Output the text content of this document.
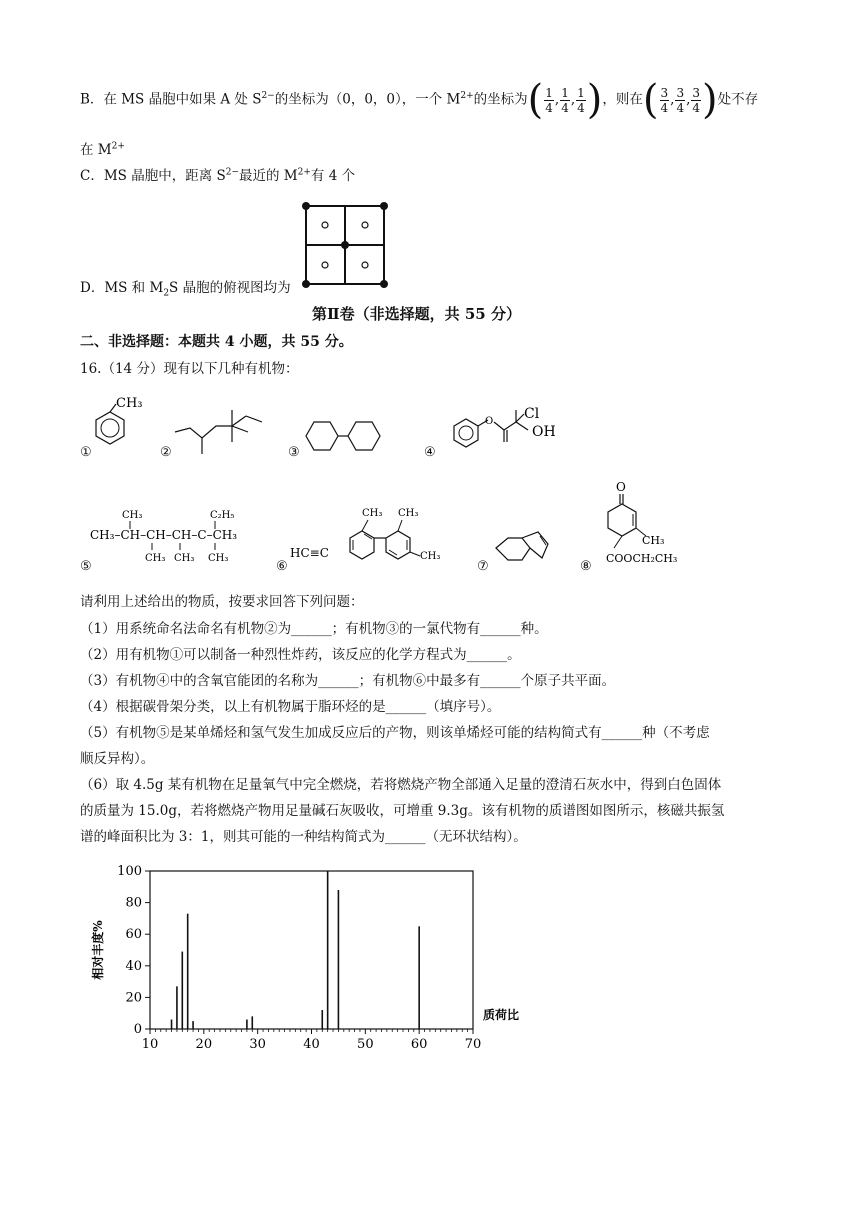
B．在 MS 晶胞中如果 A 处 $S^{2-}$的坐标为（0，0，0），一个 $M^{2+}$的坐标为( $\frac{1}{4}$ , $\frac{1}{4}$ , $\frac{1}{4}$ )，则在( $\frac{3}{4}$ , $\frac{3}{4}$ , $\frac{3}{4}$ )处不存
在 $M^{2+}$
C．MS 晶胞中，距离 $S^{2-}$最近的 $M^{2+}$有 4 个
D．MS 和 $M_2S$ 晶胞的俯视图均为
第Ⅱ卷（非选择题，共 55 分）
二、非选择题：本题共 4 小题，共 55 分。
16.（14 分）现有以下几种有机物：
CH₃
①	②	③
O Cl
OH
④
CH₃	C₂H₅
CH₃–CH–CH–CH–C–CH₃
CH₃ CH₃ CH₃
⑤
HC≡C
CH₃ CH₃
CH₃
⑥	⑦
O
CH₃
COOCH₂CH₃
⑧
请利用上述给出的物质，按要求回答下列问题：
（1）用系统命名法命名有机物②为______；有机物③的一氯代物有______种。
（2）用有机物①可以制备一种烈性炸药，该反应的化学方程式为______。
（3）有机物④中的含氧官能团的名称为______；有机物⑥中最多有______个原子共平面。
（4）根据碳骨架分类，以上有机物属于脂环烃的是______（填序号）。
（5）有机物⑤是某单烯烃和氢气发生加成反应后的产物，则该单烯烃可能的结构简式有______种（不考虑
顺反异构）。
（6）取 4.5g 某有机物在足量氧气中完全燃烧，若将燃烧产物全部通入足量的澄清石灰水中，得到白色固体
的质量为 15.0g，若将燃烧产物用足量碱石灰吸收，可增重 9.3g。该有机物的质谱图如图所示，核磁共振氢
谱的峰面积比为 3：1，则其可能的一种结构简式为______（无环状结构）。
0
20
40
60
80
100
10	20	30	40	50	60	70
相对丰度%
质荷比
